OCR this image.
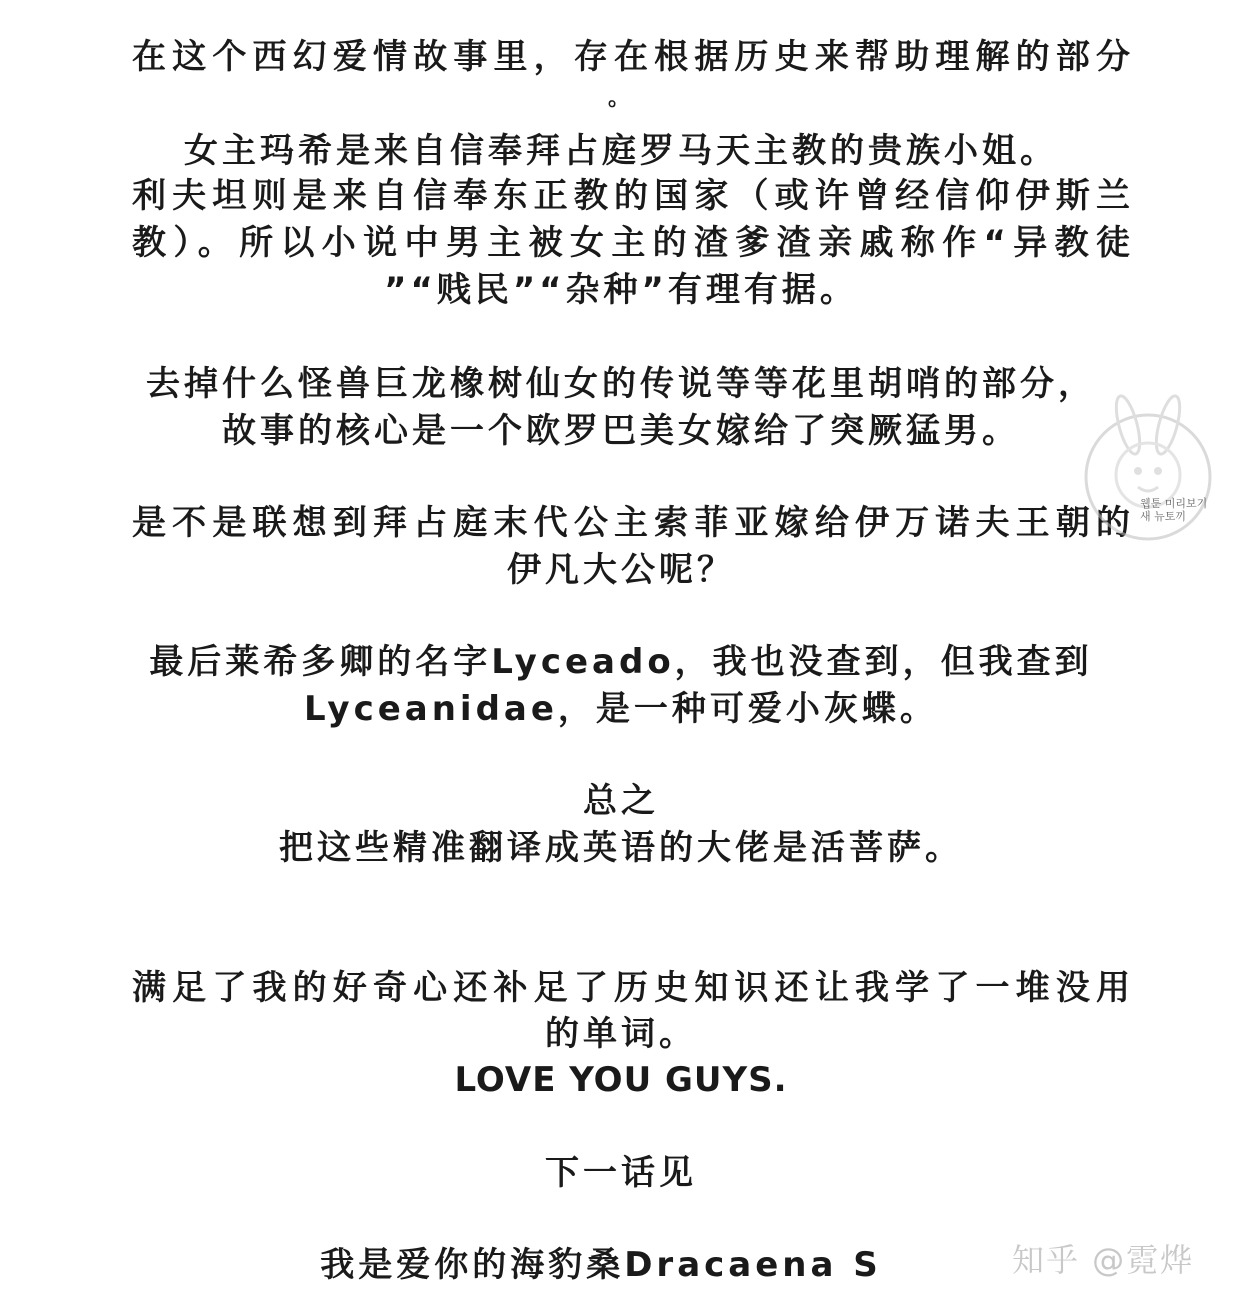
在这个西幻爱情故事里，存在根据历史来帮助理解的部分
。
女主玛希是来自信奉拜占庭罗马天主教的贵族小姐。
利夫坦则是来自信奉东正教的国家（或许曾经信仰伊斯兰
教）。所以小说中男主被女主的渣爹渣亲戚称作“异教徒
”“贱民”“杂种”有理有据。
去掉什么怪兽巨龙橡树仙女的传说等等花里胡哨的部分，
故事的核心是一个欧罗巴美女嫁给了突厥猛男。
是不是联想到拜占庭末代公主索菲亚嫁给伊万诺夫王朝的
伊凡大公呢？
最后莱希多卿的名字Lyceado，我也没查到，但我查到
Lyceanidae，是一种可爱小灰蝶。
总之
把这些精准翻译成英语的大佬是活菩萨。
满足了我的好奇心还补足了历史知识还让我学了一堆没用
的单词。
LOVE YOU GUYS.
下一话见
我是爱你的海豹桑Dracaena S
웹툰 미리보기
새 뉴토끼
知乎 @霓烨
